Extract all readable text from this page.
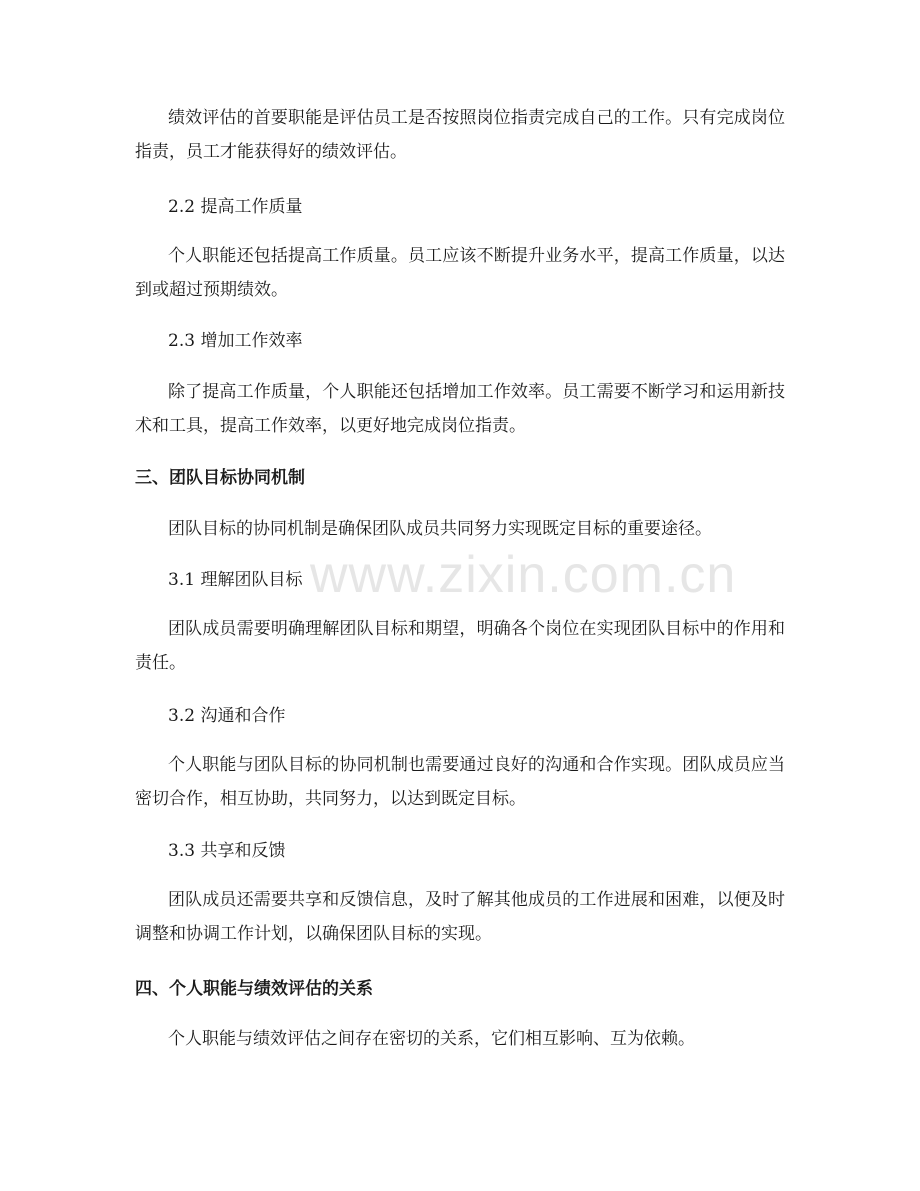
绩效评估的首要职能是评估员工是否按照岗位指责完成自己的工作。只有完成岗位指责，员工才能获得好的绩效评估。

2.2 提高工作质量

个人职能还包括提高工作质量。员工应该不断提升业务水平，提高工作质量，以达到或超过预期绩效。

2.3 增加工作效率

除了提高工作质量，个人职能还包括增加工作效率。员工需要不断学习和运用新技术和工具，提高工作效率，以更好地完成岗位指责。

三、团队目标协同机制

团队目标的协同机制是确保团队成员共同努力实现既定目标的重要途径。

3.1 理解团队目标

团队成员需要明确理解团队目标和期望，明确各个岗位在实现团队目标中的作用和责任。

3.2 沟通和合作

个人职能与团队目标的协同机制也需要通过良好的沟通和合作实现。团队成员应当密切合作，相互协助，共同努力，以达到既定目标。

3.3 共享和反馈

团队成员还需要共享和反馈信息，及时了解其他成员的工作进展和困难，以便及时调整和协调工作计划，以确保团队目标的实现。

四、个人职能与绩效评估的关系

个人职能与绩效评估之间存在密切的关系，它们相互影响、互为依赖。

www.zixin.com.cn
